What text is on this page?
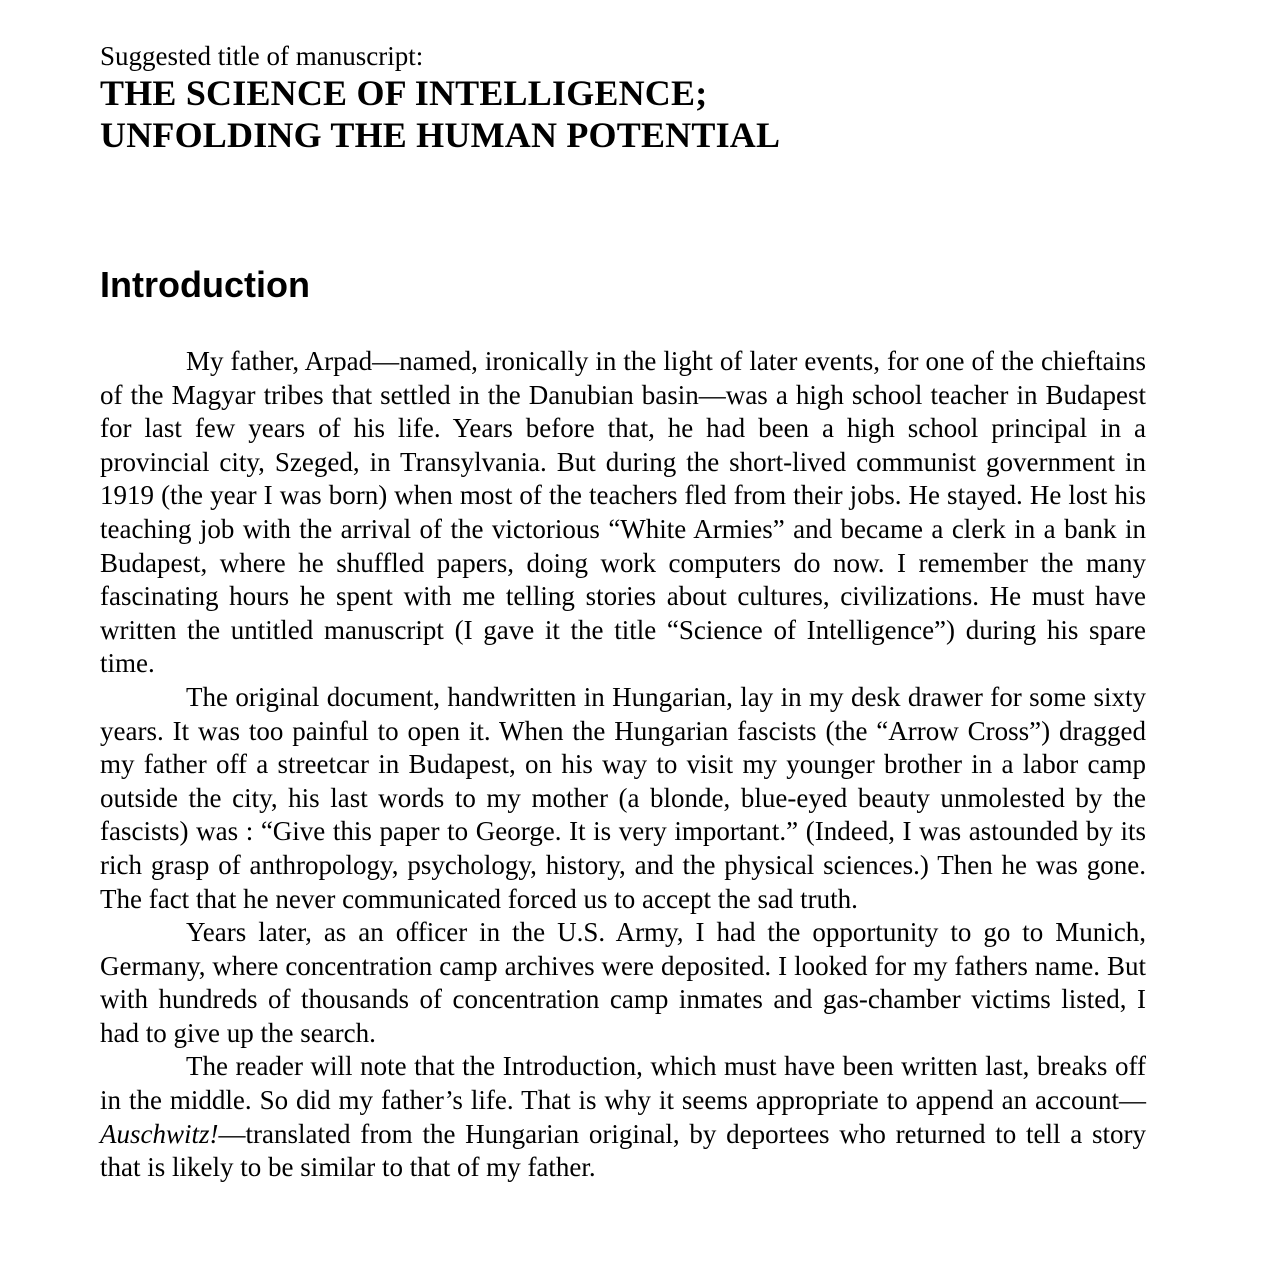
Suggested title of manuscript:

THE SCIENCE OF INTELLIGENCE;

UNFOLDING THE HUMAN POTENTIAL

Introduction

My father, Arpad—named, ironically in the light of later events, for one of the chieftains of the Magyar tribes that settled in the Danubian basin—was a high school teacher in Budapest for last few years of his life. Years before that, he had been a high school principal in a provincial city, Szeged, in Transylvania. But during the short-lived communist government in 1919 (the year I was born) when most of the teachers fled from their jobs. He stayed. He lost his teaching job with the arrival of the victorious “White Armies” and became a clerk in a bank in Budapest, where he shuffled papers, doing work computers do now. I remember the many fascinating hours he spent with me telling stories about cultures, civilizations. He must have written the untitled manuscript (I gave it the title “Science of Intelligence”) during his spare time.

The original document, handwritten in Hungarian, lay in my desk drawer for some sixty years. It was too painful to open it. When the Hungarian fascists (the “Arrow Cross”) dragged my father off a streetcar in Budapest, on his way to visit my younger brother in a labor camp outside the city, his last words to my mother (a blonde, blue-eyed beauty unmolested by the fascists) was : “Give this paper to George. It is very important.” (Indeed, I was astounded by its rich grasp of anthropology, psychology, history, and the physical sciences.) Then he was gone. The fact that he never communicated forced us to accept the sad truth.

Years later, as an officer in the U.S. Army, I had the opportunity to go to Munich, Germany, where concentration camp archives were deposited. I looked for my fathers name. But with hundreds of thousands of concentration camp inmates and gas-chamber victims listed, I had to give up the search.

The reader will note that the Introduction, which must have been written last, breaks off in the middle. So did my father’s life. That is why it seems appropriate to append an account—Auschwitz!—translated from the Hungarian original, by deportees who returned to tell a story that is likely to be similar to that of my father.
